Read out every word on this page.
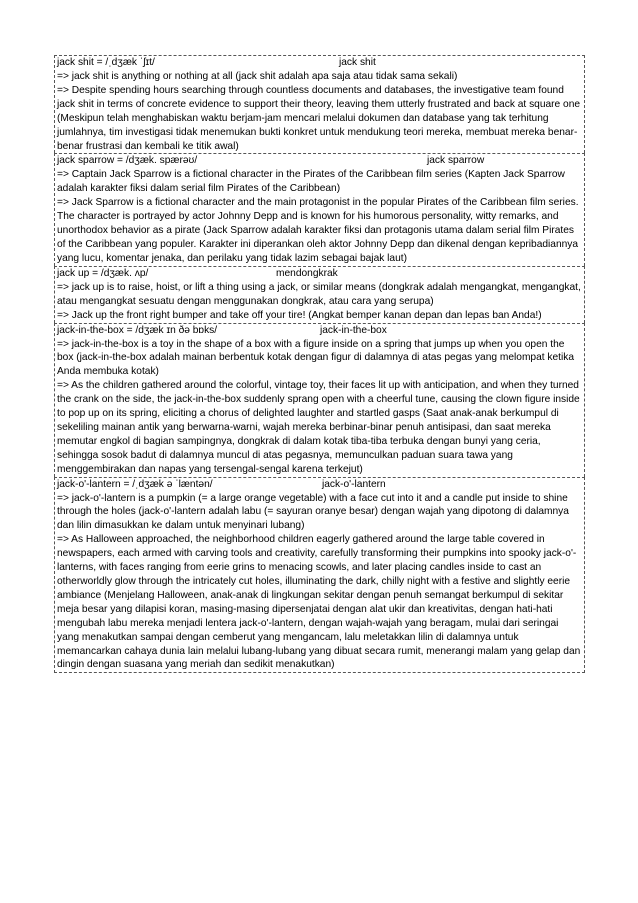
jack shit = /ˌdʒæk ˈʃɪt/	jack shit

=> jack shit is anything or nothing at all (jack shit adalah apa saja atau tidak sama sekali)

=> Despite spending hours searching through countless documents and databases, the investigative team found jack shit in terms of concrete evidence to support their theory, leaving them utterly frustrated and back at square one (Meskipun telah menghabiskan waktu berjam-jam mencari melalui dokumen dan database yang tak terhitung jumlahnya, tim investigasi tidak menemukan bukti konkret untuk mendukung teori mereka, membuat mereka benar-benar frustrasi dan kembali ke titik awal)

jack sparrow = /dʒæk. spærəʊ/	jack sparrow

=> Captain Jack Sparrow is a fictional character in the Pirates of the Caribbean film series (Kapten Jack Sparrow adalah karakter fiksi dalam serial film Pirates of the Caribbean)

=> Jack Sparrow is a fictional character and the main protagonist in the popular Pirates of the Caribbean film series. The character is portrayed by actor Johnny Depp and is known for his humorous personality, witty remarks, and unorthodox behavior as a pirate (Jack Sparrow adalah karakter fiksi dan protagonis utama dalam serial film Pirates of the Caribbean yang populer. Karakter ini diperankan oleh aktor Johnny Depp dan dikenal dengan kepribadiannya yang lucu, komentar jenaka, dan perilaku yang tidak lazim sebagai bajak laut)

jack up = /dʒæk. ʌp/	mendongkrak

=> jack up is to raise, hoist, or lift a thing using a jack, or similar means (dongkrak adalah mengangkat, mengangkat, atau mengangkat sesuatu dengan menggunakan dongkrak, atau cara yang serupa)

=> Jack up the front right bumper and take off your tire! (Angkat bemper kanan depan dan lepas ban Anda!)

jack-in-the-box = /dʒæk ɪn ðə bɒks/	jack-in-the-box

=> jack-in-the-box is a toy in the shape of a box with a figure inside on a spring that jumps up when you open the box (jack-in-the-box adalah mainan berbentuk kotak dengan figur di dalamnya di atas pegas yang melompat ketika Anda membuka kotak)

=> As the children gathered around the colorful, vintage toy, their faces lit up with anticipation, and when they turned the crank on the side, the jack-in-the-box suddenly sprang open with a cheerful tune, causing the clown figure inside to pop up on its spring, eliciting a chorus of delighted laughter and startled gasps (Saat anak-anak berkumpul di sekeliling mainan antik yang berwarna-warni, wajah mereka berbinar-binar penuh antisipasi, dan saat mereka memutar engkol di bagian sampingnya, dongkrak di dalam kotak tiba-tiba terbuka dengan bunyi yang ceria, sehingga sosok badut di dalamnya muncul di atas pegasnya, memunculkan paduan suara tawa yang menggembirakan dan napas yang tersengal-sengal karena terkejut)

jack-o'-lantern = /ˌdʒæk ə ˈlæntən/	jack-o'-lantern

=> jack-o'-lantern is a pumpkin (= a large orange vegetable) with a face cut into it and a candle put inside to shine through the holes (jack-o'-lantern adalah labu (= sayuran oranye besar) dengan wajah yang dipotong di dalamnya dan lilin dimasukkan ke dalam untuk menyinari lubang)

=> As Halloween approached, the neighborhood children eagerly gathered around the large table covered in newspapers, each armed with carving tools and creativity, carefully transforming their pumpkins into spooky jack-o'-lanterns, with faces ranging from eerie grins to menacing scowls, and later placing candles inside to cast an otherworldly glow through the intricately cut holes, illuminating the dark, chilly night with a festive and slightly eerie ambiance (Menjelang Halloween, anak-anak di lingkungan sekitar dengan penuh semangat berkumpul di sekitar meja besar yang dilapisi koran, masing-masing dipersenjatai dengan alat ukir dan kreativitas, dengan hati-hati mengubah labu mereka menjadi lentera jack-o'-lantern, dengan wajah-wajah yang beragam, mulai dari seringai yang menakutkan sampai dengan cemberut yang mengancam, lalu meletakkan lilin di dalamnya untuk memancarkan cahaya dunia lain melalui lubang-lubang yang dibuat secara rumit, menerangi malam yang gelap dan dingin dengan suasana yang meriah dan sedikit menakutkan)
